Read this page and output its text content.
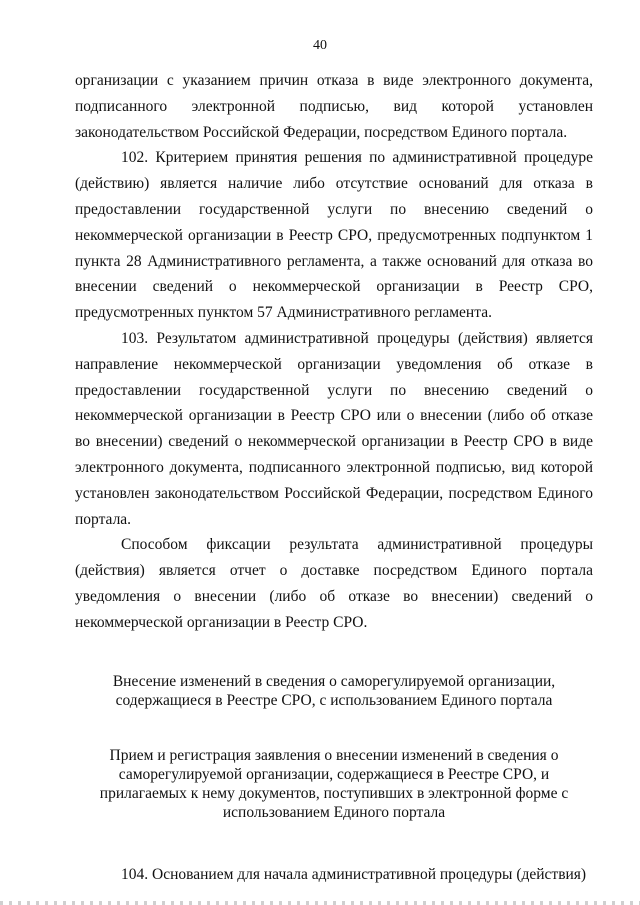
40

организации с указанием причин отказа в виде электронного документа, подписанного электронной подписью, вид которой установлен законодательством Российской Федерации, посредством Единого портала.

102. Критерием принятия решения по административной процедуре (действию) является наличие либо отсутствие оснований для отказа в предоставлении государственной услуги по внесению сведений о некоммерческой организации в Реестр СРО, предусмотренных подпунктом 1 пункта 28 Административного регламента, а также оснований для отказа во внесении сведений о некоммерческой организации в Реестр СРО, предусмотренных пунктом 57 Административного регламента.

103. Результатом административной процедуры (действия) является направление некоммерческой организации уведомления об отказе в предоставлении государственной услуги по внесению сведений о некоммерческой организации в Реестр СРО или о внесении (либо об отказе во внесении) сведений о некоммерческой организации в Реестр СРО в виде электронного документа, подписанного электронной подписью, вид которой установлен законодательством Российской Федерации, посредством Единого портала.

Способом фиксации результата административной процедуры (действия) является отчет о доставке посредством Единого портала уведомления о внесении (либо об отказе во внесении) сведений о некоммерческой организации в Реестр СРО.

Внесение изменений в сведения о саморегулируемой организации, содержащиеся в Реестре СРО, с использованием Единого портала

Прием и регистрация заявления о внесении изменений в сведения о саморегулируемой организации, содержащиеся в Реестре СРО, и прилагаемых к нему документов, поступивших в электронной форме с использованием Единого портала

104. Основанием для начала административной процедуры (действия)
